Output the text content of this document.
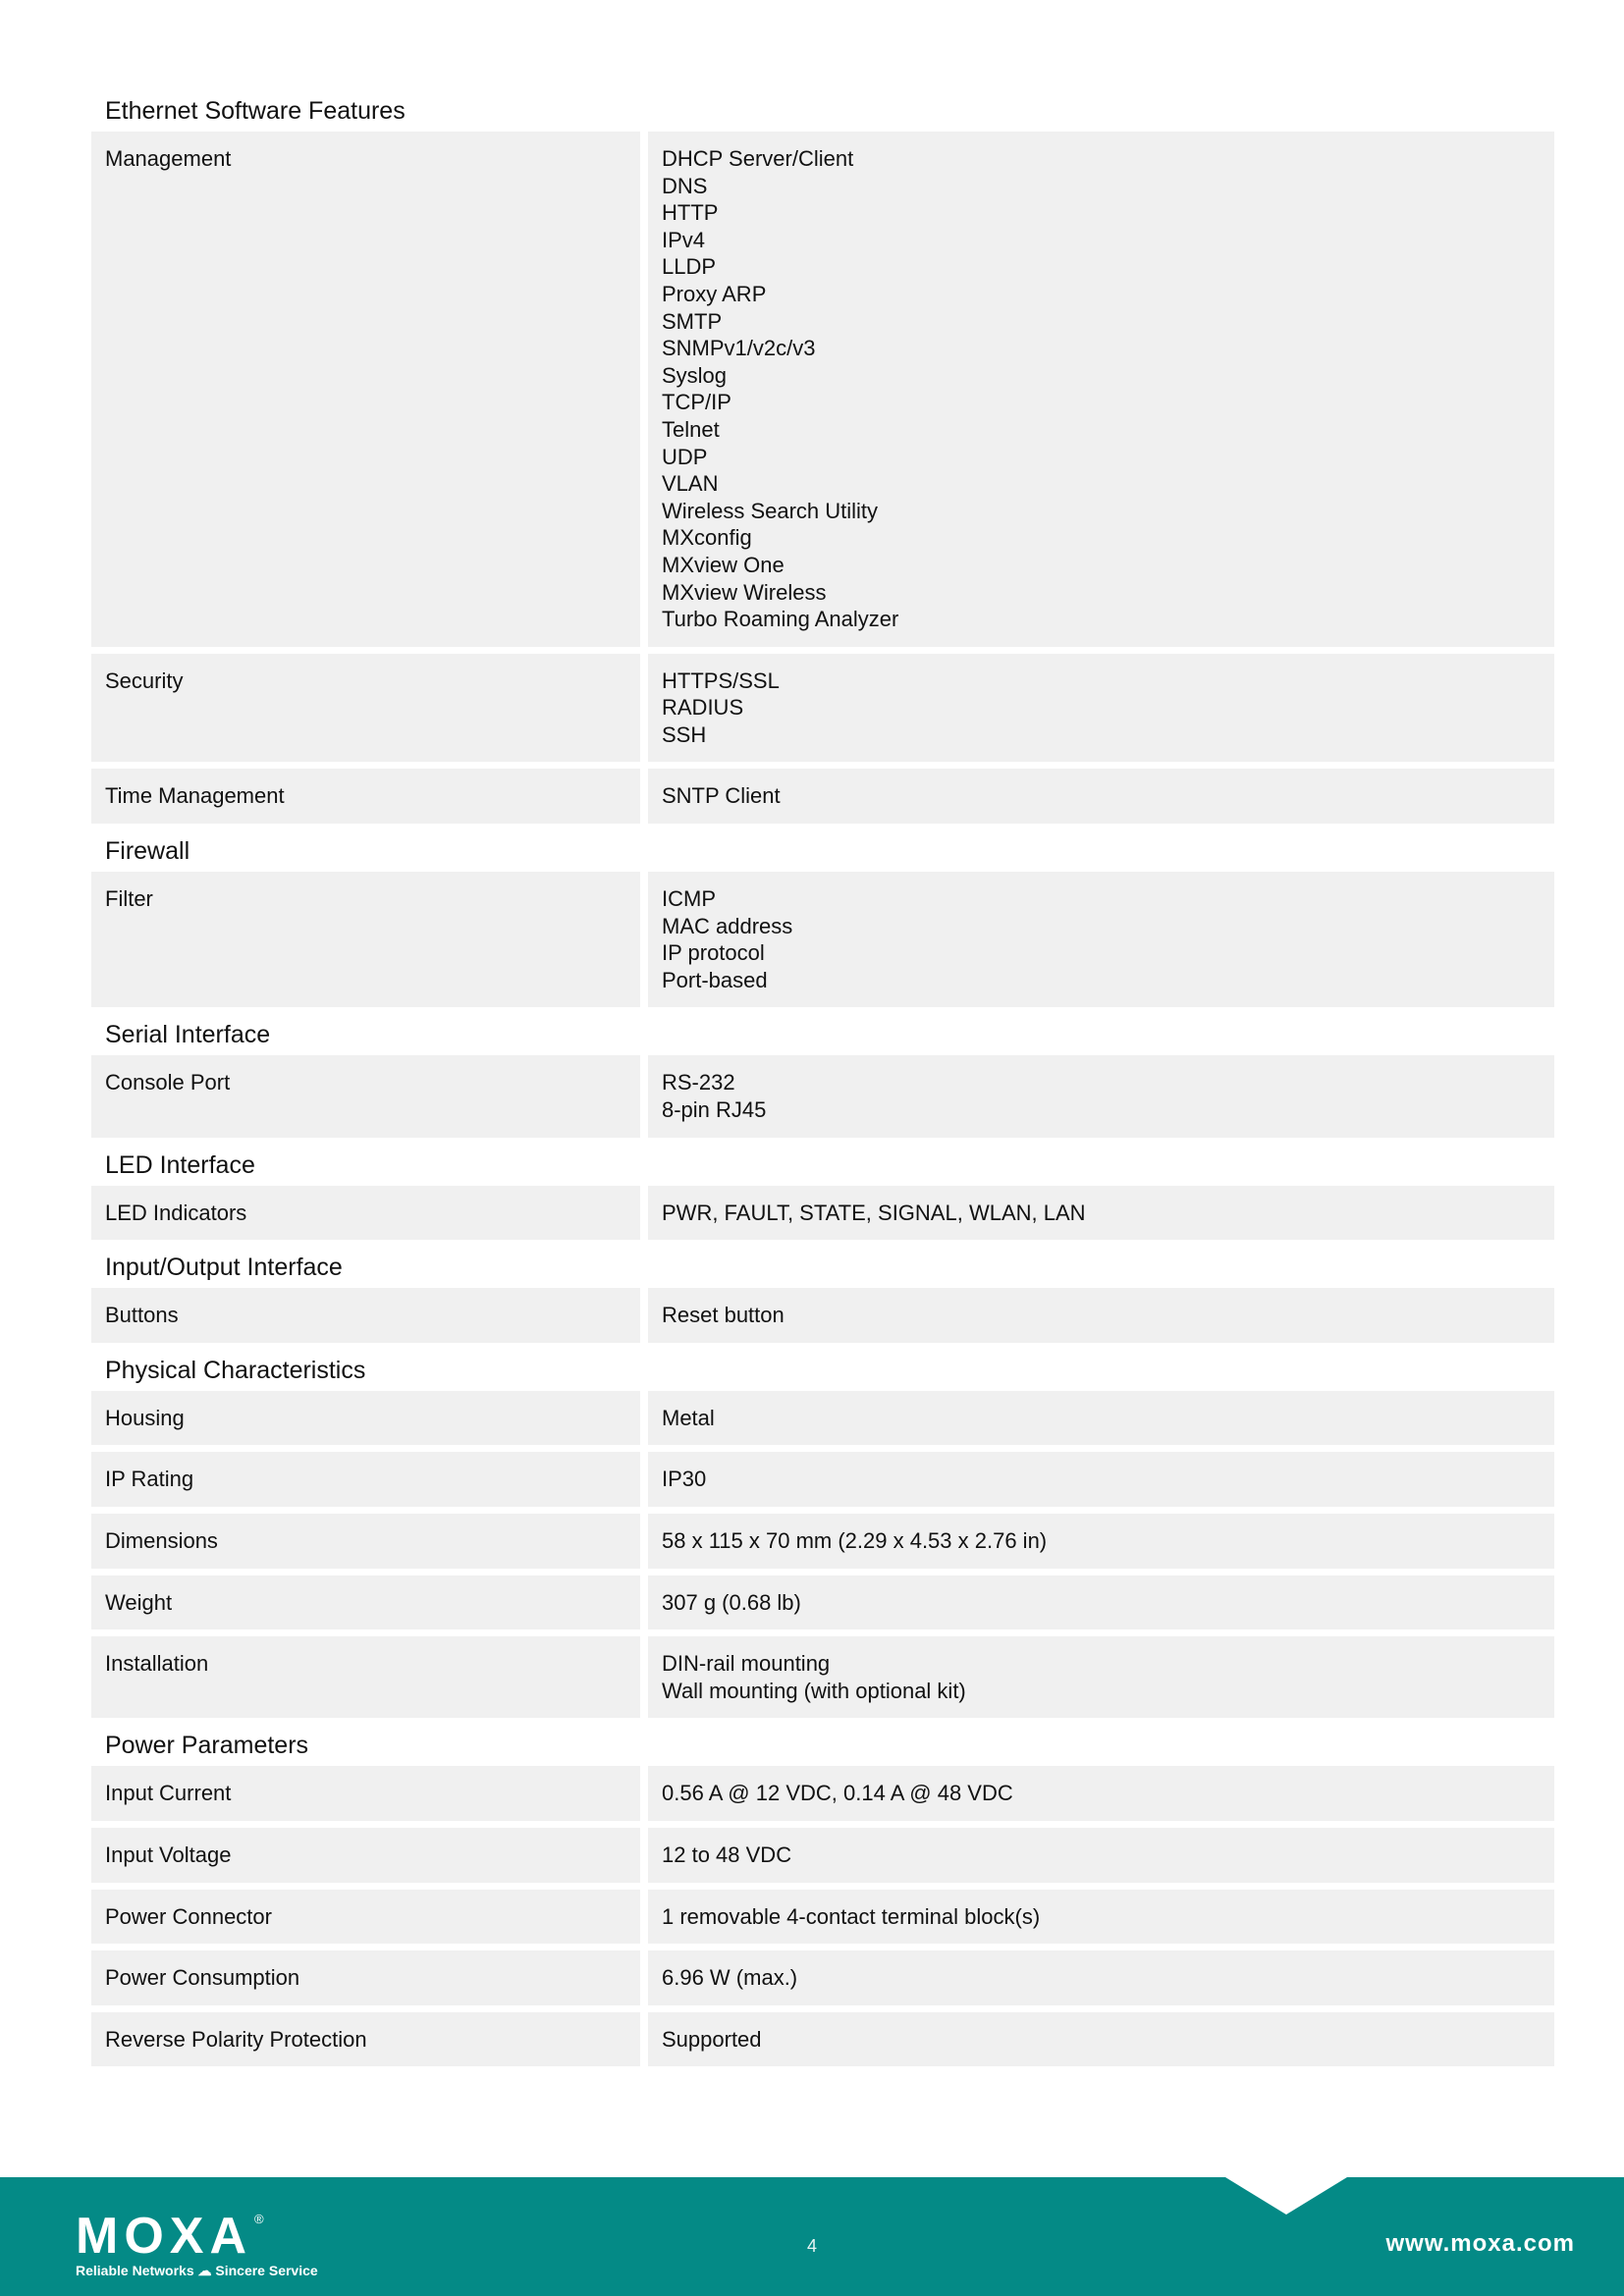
Ethernet Software Features
Management	DHCP Server/Client
DNS
HTTP
IPv4
LLDP
Proxy ARP
SMTP
SNMPv1/v2c/v3
Syslog
TCP/IP
Telnet
UDP
VLAN
Wireless Search Utility
MXconfig
MXview One
MXview Wireless
Turbo Roaming Analyzer
Security	HTTPS/SSL
RADIUS
SSH
Time Management	SNTP Client
Firewall
Filter	ICMP
MAC address
IP protocol
Port-based
Serial Interface
Console Port	RS-232
8-pin RJ45
LED Interface
LED Indicators	PWR, FAULT, STATE, SIGNAL, WLAN, LAN
Input/Output Interface
Buttons	Reset button
Physical Characteristics
Housing	Metal
IP Rating	IP30
Dimensions	58 x 115 x 70 mm (2.29 x 4.53 x 2.76 in)
Weight	307 g (0.68 lb)
Installation	DIN-rail mounting
Wall mounting (with optional kit)
Power Parameters
Input Current	0.56 A @ 12 VDC, 0.14 A @ 48 VDC
Input Voltage	12 to 48 VDC
Power Connector	1 removable 4-contact terminal block(s)
Power Consumption	6.96 W (max.)
Reverse Polarity Protection	Supported
MOXA ®
Reliable Networks ☁ Sincere Service
4	www.moxa.com
